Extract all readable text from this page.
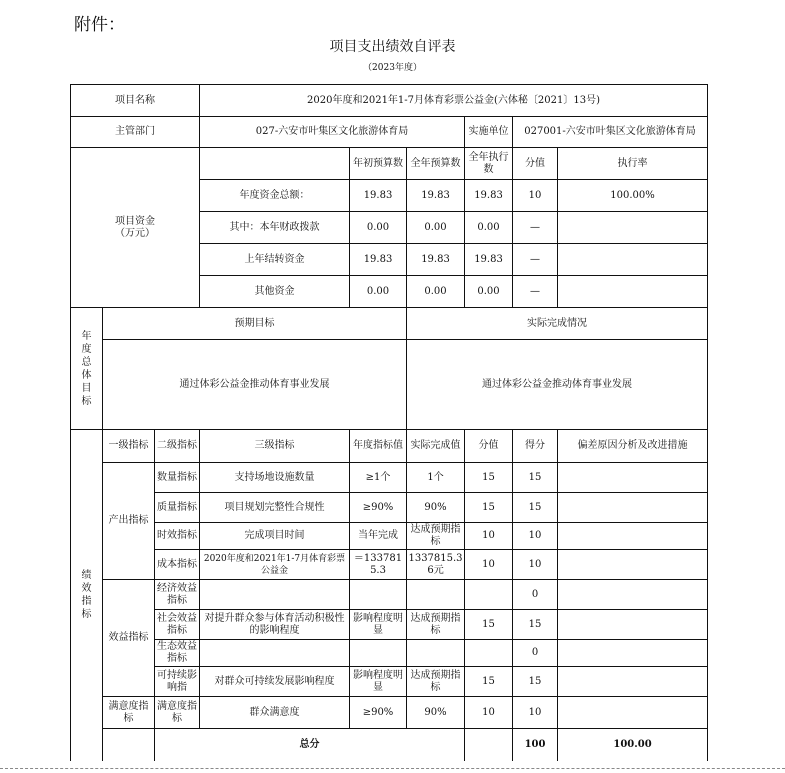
附件：
项目支出绩效自评表
（2023年度）
项目名称			2020年度和2021年1-7月体育彩票公益金(六体秘〔2021〕13号)						
主管部门			027-六安市叶集区文化旅游体育局			实施单位	027001-六安市叶集区文化旅游体育局		
项目资金
（万元）				年初预算数	全年预算数	全年执行数	分值	执行率	
			年度资金总额：	19.83	19.83	19.83	10	100.00%	
			其中：本年财政拨款	0.00	0.00	0.00	—		
			上年结转资金	19.83	19.83	19.83	—		
			其他资金	0.00	0.00	0.00	—		

年度总体目标	预期目标				实际完成情况				
	通过体彩公益金推动体育事业发展				通过体彩公益金推动体育事业发展				

绩效指标	一级指标	二级指标	三级指标	年度指标值	实际完成值	分值	得分	偏差原因分析及改进措施	
	产出指标	数量指标	支持场地设施数量	≥1个	1个	15	15		
		质量指标	项目规划完整性合规性	≥90%	90%	15	15		
		时效指标	完成项目时间	当年完成	达成预期指标	10	10		
		成本指标	2020年度和2021年1-7月体育彩票公益金	＝1337815.3	1337815.36元	10	10		
	效益指标	经济效益指标					0		
		社会效益指标	对提升群众参与体育活动积极性的影响程度	影响程度明显	达成预期指标	15	15		
		生态效益指标					0		
		可持续影响指	对群众可持续发展影响程度	影响程度明显	达成预期指标	15	15		
	满意度指标	满意度指标	群众满意度	≥90%	90%	10	10		
		总分					100	100.00	
